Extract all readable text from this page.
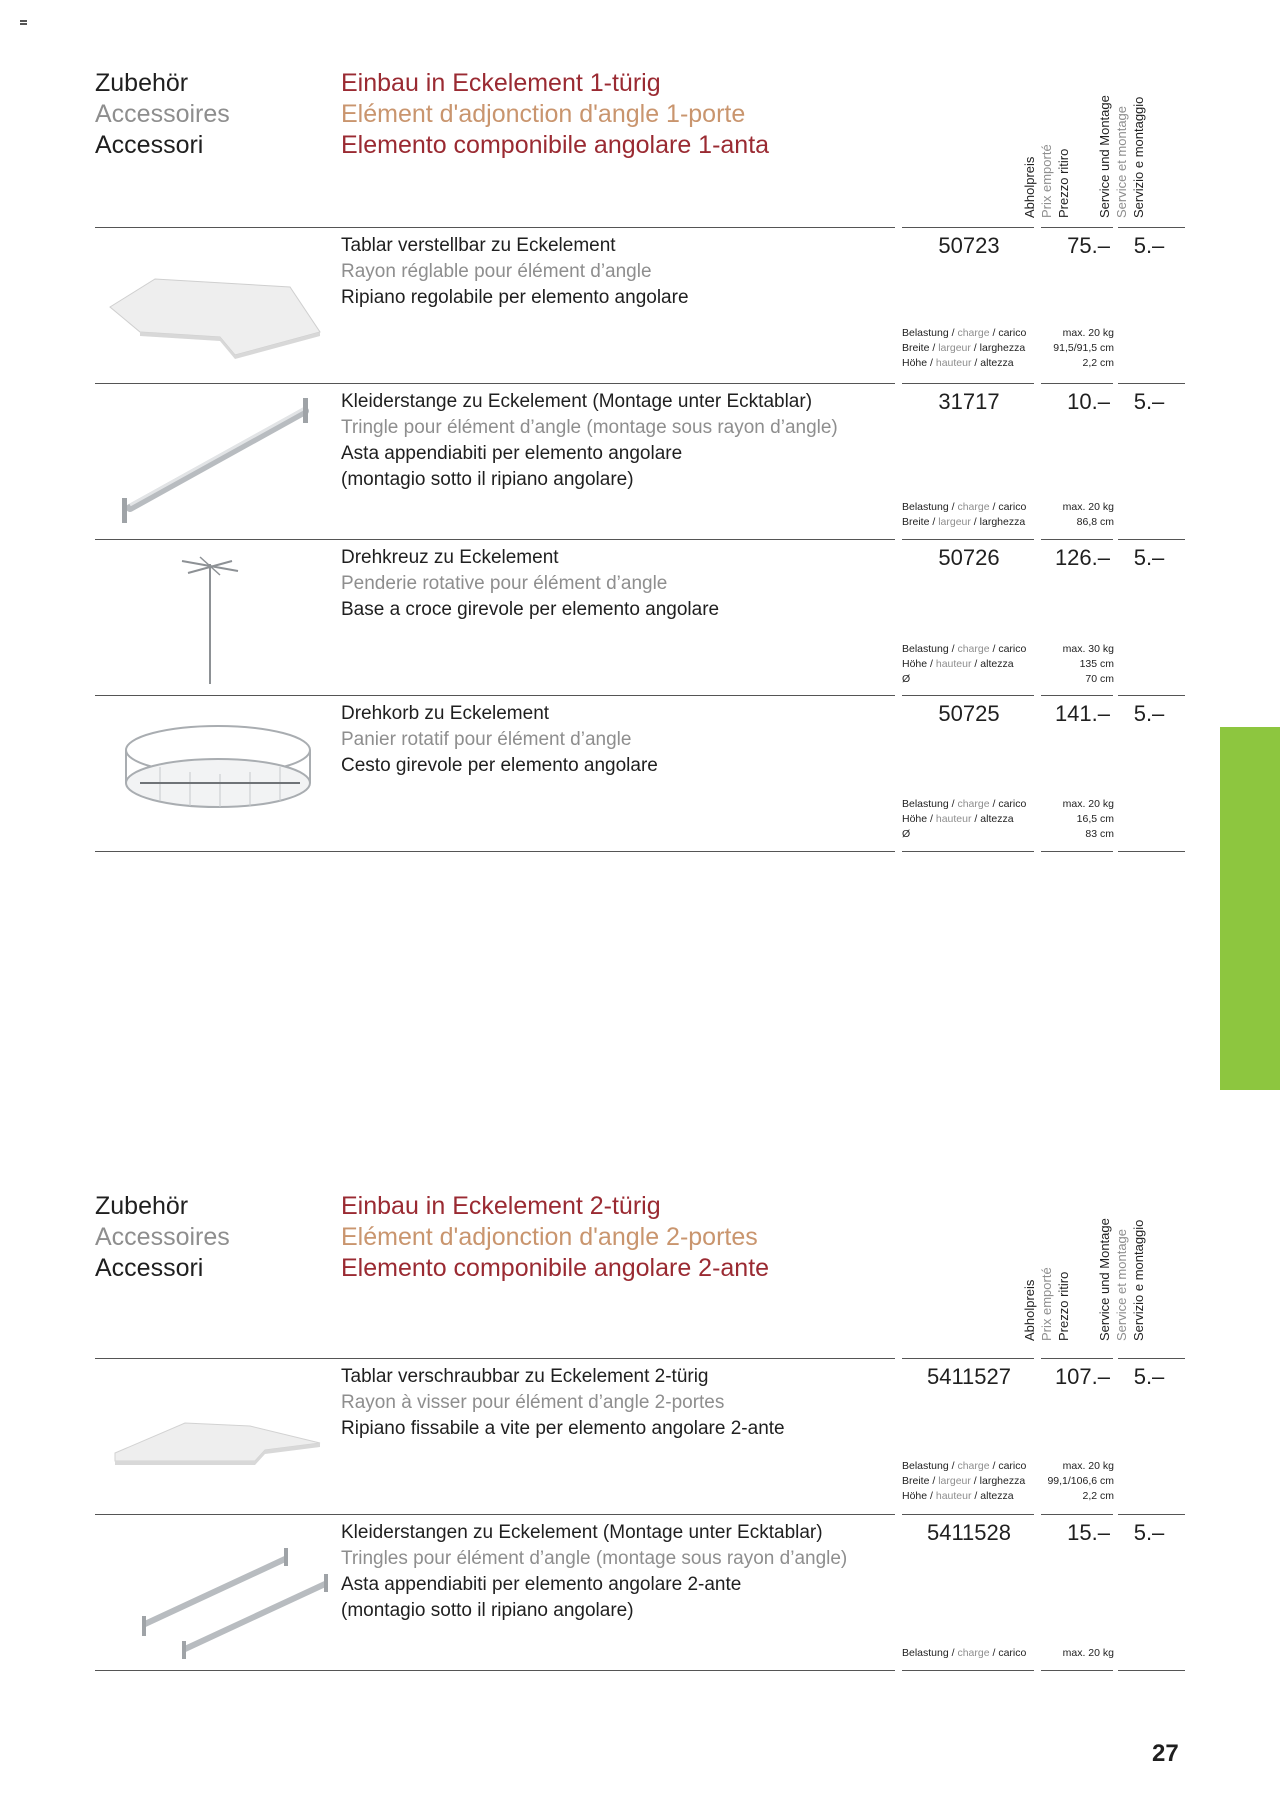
Zubehör
Accessoires
Accessori
Einbau in Eckelement 1-türig
Elément d'adjonction d'angle 1-porte
Elemento componibile angolare 1-anta
Abholpreis Prix emporté Prezzo ritiro Service und Montage Service et montage Servizio e montaggio
Tablar verstellbar zu Eckelement
Rayon réglable pour élément d’angle
Ripiano regolabile per elemento angolare
50723	75.–	5.–
Belastung / charge / carico	max. 20 kg
Breite / largeur / larghezza	91,5/91,5 cm
Höhe / hauteur / altezza	2,2 cm
Kleiderstange zu Eckelement (Montage unter Ecktablar)
Tringle pour élément d’angle (montage sous rayon d’angle)
Asta appendiabiti per elemento angolare
(montagio sotto il ripiano angolare)
31717	10.–	5.–
Belastung / charge / carico	max. 20 kg
Breite / largeur / larghezza	86,8 cm
Drehkreuz zu Eckelement
Penderie rotative pour élément d’angle
Base a croce girevole per elemento angolare
50726	126.–	5.–
Belastung / charge / carico	max. 30 kg
Höhe / hauteur / altezza	135 cm
Ø	70 cm
Drehkorb zu Eckelement
Panier rotatif pour élément d’angle
Cesto girevole per elemento angolare
50725	141.–	5.–
Belastung / charge / carico	max. 20 kg
Höhe / hauteur / altezza	16,5 cm
Ø	83 cm
Zubehör
Accessoires
Accessori
Einbau in Eckelement 2-türig
Elément d'adjonction d'angle 2-portes
Elemento componibile angolare 2-ante
Abholpreis Prix emporté Prezzo ritiro Service und Montage Service et montage Servizio e montaggio
Tablar verschraubbar zu Eckelement 2-türig
Rayon à visser pour élément d’angle 2-portes
Ripiano fissabile a vite per elemento angolare 2-ante
5411527	107.–	5.–
Belastung / charge / carico	max. 20 kg
Breite / largeur / larghezza 99,1/106,6 cm
Höhe / hauteur / altezza	2,2 cm
Kleiderstangen zu Eckelement (Montage unter Ecktablar)
Tringles pour élément d’angle (montage sous rayon d’angle)
Asta appendiabiti per elemento angolare 2-ante
(montagio sotto il ripiano angolare)
5411528	15.–	5.–
Belastung / charge / carico	max. 20 kg
27
